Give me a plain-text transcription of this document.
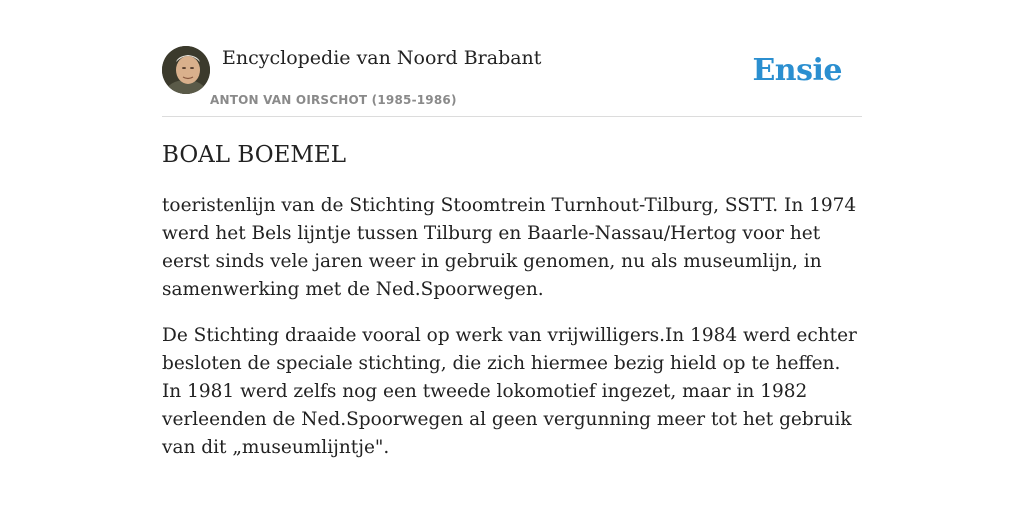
Encyclopedie van Noord Brabant
ANTON VAN OIRSCHOT (1985-1986)
Ensie
BOAL BOEMEL

toeristenlijn van de Stichting Stoomtrein Turnhout-Tilburg, SSTT. In 1974 werd het Bels lijntje tussen Tilburg en Baarle-Nassau/Hertog voor het eerst sinds vele jaren weer in gebruik genomen, nu als museumlijn, in samenwerking met de Ned.Spoorwegen.

De Stichting draaide vooral op werk van vrijwilligers.In 1984 werd echter besloten de speciale stichting, die zich hiermee bezig hield op te heffen. In 1981 werd zelfs nog een tweede lokomotief ingezet, maar in 1982 verleenden de Ned.Spoorwegen al geen vergunning meer tot het gebruik van dit „museumlijntje".
